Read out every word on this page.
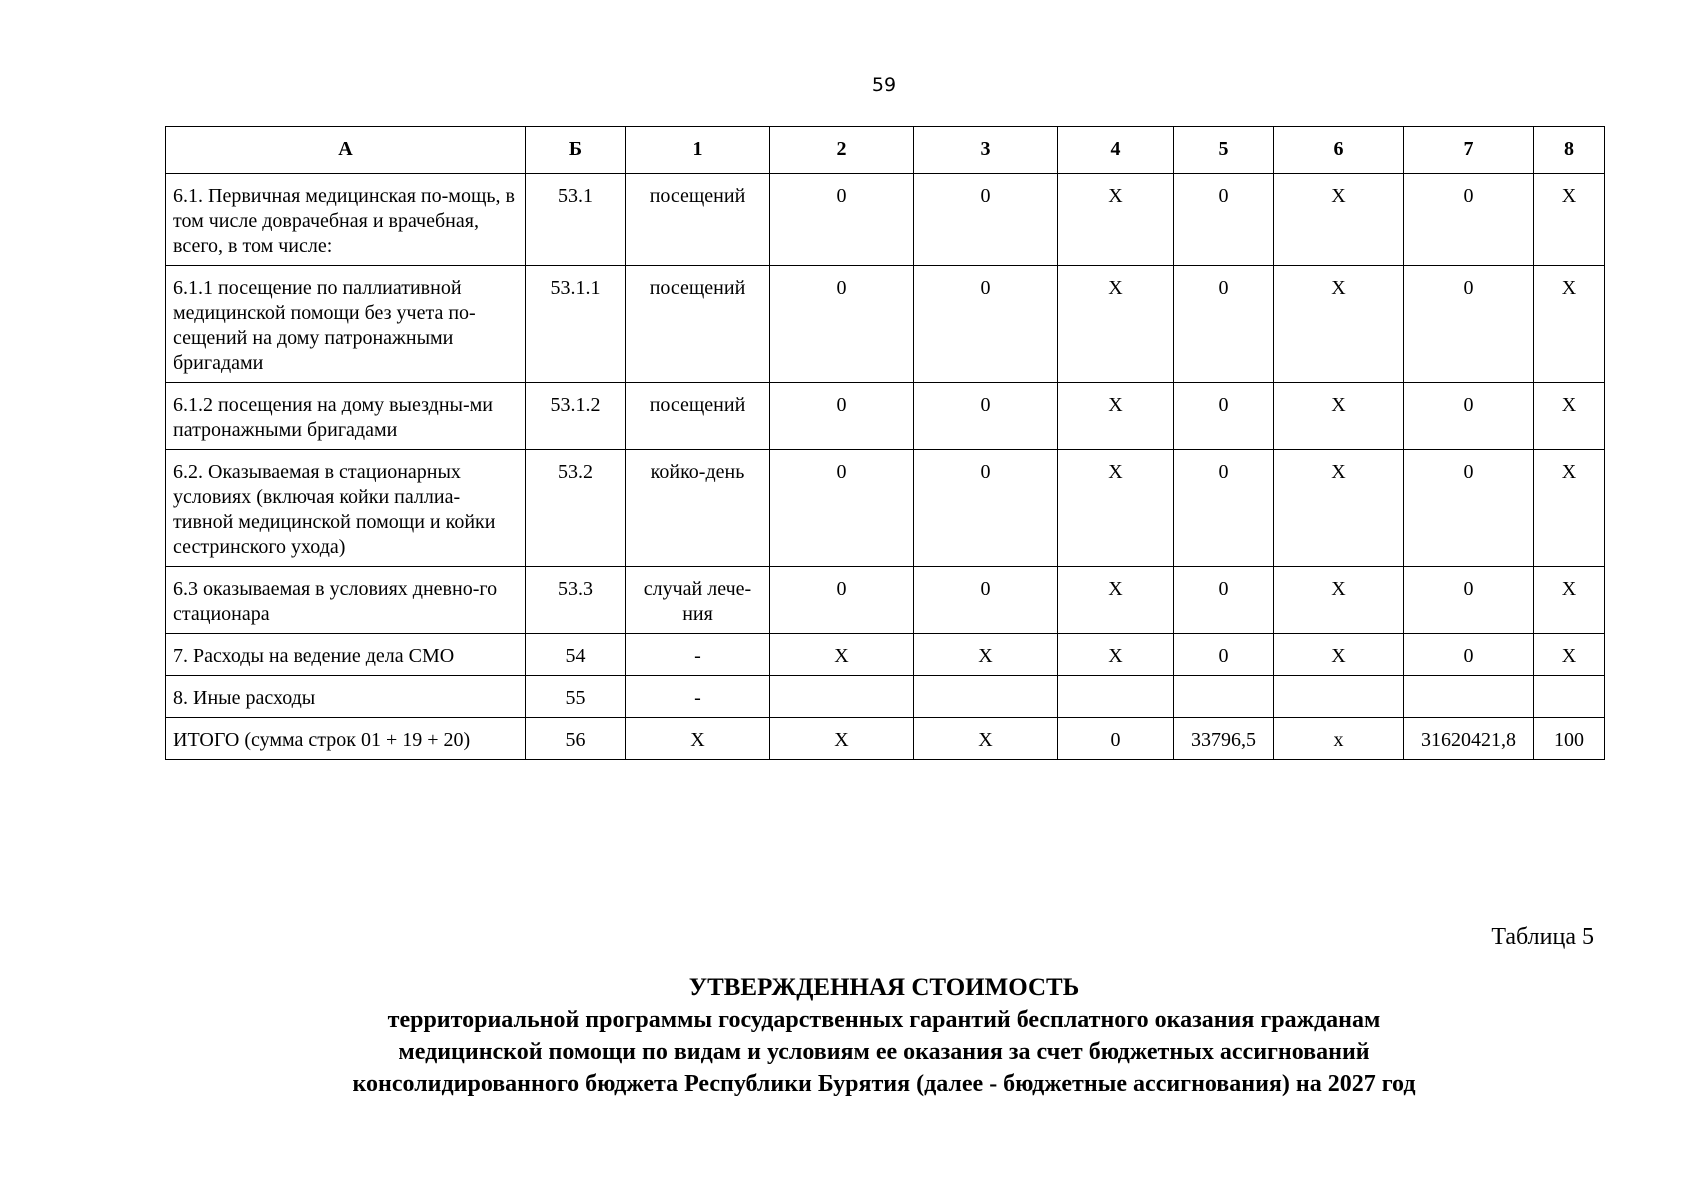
59
А	Б	1	2	3	4	5	6	7	8
6.1. Первичная медицинская по-мощь, в том числе доврачебная и врачебная, всего, в том числе:	53.1	посещений	0	0	X	0	X	0	X
6.1.1 посещение по паллиативной медицинской помощи без учета по-сещений на дому патронажными бригадами	53.1.1	посещений	0	0	X	0	X	0	X
6.1.2 посещения на дому выездны-ми патронажными бригадами	53.1.2	посещений	0	0	X	0	X	0	X
6.2. Оказываемая в стационарных условиях (включая койки паллиа-тивной медицинской помощи и койки сестринского ухода)	53.2	койко-день	0	0	X	0	X	0	X
6.3 оказываемая в условиях дневно-го стационара	53.3	случай лече-ния	0	0	X	0	X	0	X
7. Расходы на ведение дела СМО	54	-	X	X	X	0	X	0	X
8. Иные расходы	55	-							
ИТОГО (сумма строк 01 + 19 + 20)	56	X	X	X	0	33796,5	x	31620421,8	100
Таблица 5
УТВЕРЖДЕННАЯ СТОИМОСТЬ
территориальной программы государственных гарантий бесплатного оказания гражданам
медицинской помощи по видам и условиям ее оказания за счет бюджетных ассигнований
консолидированного бюджета Республики Бурятия (далее - бюджетные ассигнования) на 2027 год
